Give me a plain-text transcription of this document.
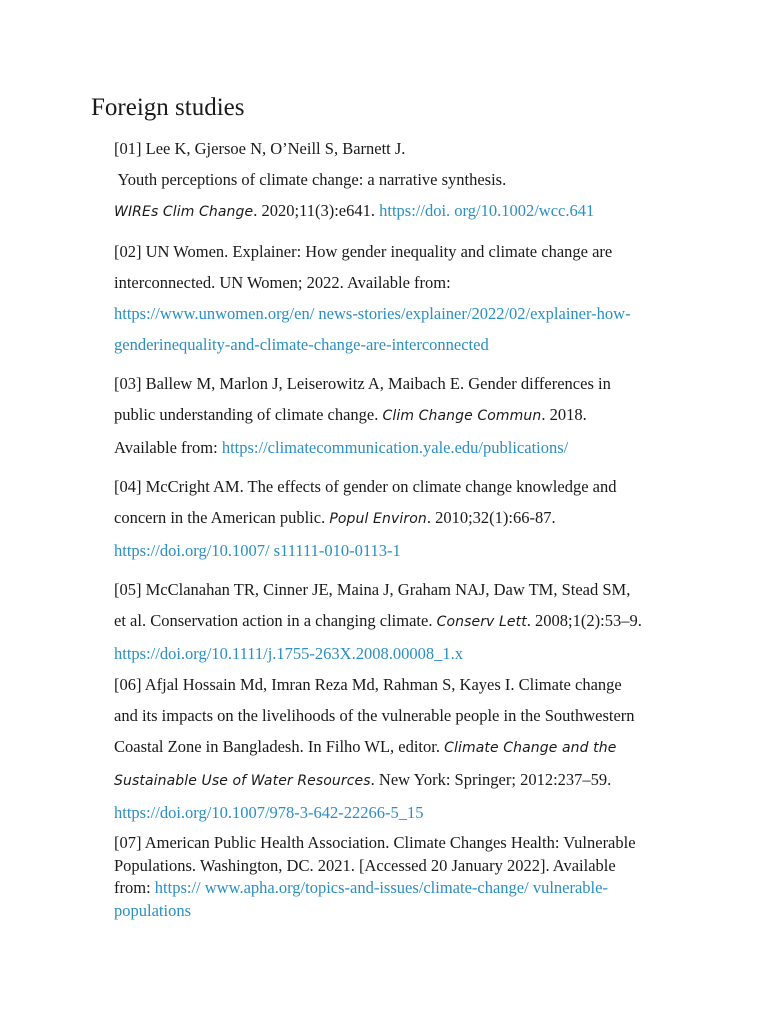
Foreign studies
[01] Lee K, Gjersoe N, O’Neill S, Barnett J.
Youth perceptions of climate change: a narrative synthesis.
WIREs Clim Change. 2020;11(3):e641. https://doi. org/10.1002/wcc.641
[02] UN Women. Explainer: How gender inequality and climate change are
interconnected. UN Women; 2022. Available from:
https://www.unwomen.org/en/ news-stories/explainer/2022/02/explainer-how-
genderinequality-and-climate-change-are-interconnected
[03] Ballew M, Marlon J, Leiserowitz A, Maibach E. Gender differences in
public understanding of climate change. Clim Change Commun. 2018.
Available from: https://climatecommunication.yale.edu/publications/
[04] McCright AM. The effects of gender on climate change knowledge and
concern in the American public. Popul Environ. 2010;32(1):66-87.
https://doi.org/10.1007/ s11111-010-0113-1
[05] McClanahan TR, Cinner JE, Maina J, Graham NAJ, Daw TM, Stead SM,
et al. Conservation action in a changing climate. Conserv Lett. 2008;1(2):53–9.
https://doi.org/10.1111/j.1755-263X.2008.00008_1.x
[06] Afjal Hossain Md, Imran Reza Md, Rahman S, Kayes I. Climate change
and its impacts on the livelihoods of the vulnerable people in the Southwestern
Coastal Zone in Bangladesh. In Filho WL, editor. Climate Change and the
Sustainable Use of Water Resources. New York: Springer; 2012:237–59.
https://doi.org/10.1007/978-3-642-22266-5_15
[07] American Public Health Association. Climate Changes Health: Vulnerable
Populations. Washington, DC. 2021. [Accessed 20 January 2022]. Available
from: https:// www.apha.org/topics-and-issues/climate-change/ vulnerable-
populations
